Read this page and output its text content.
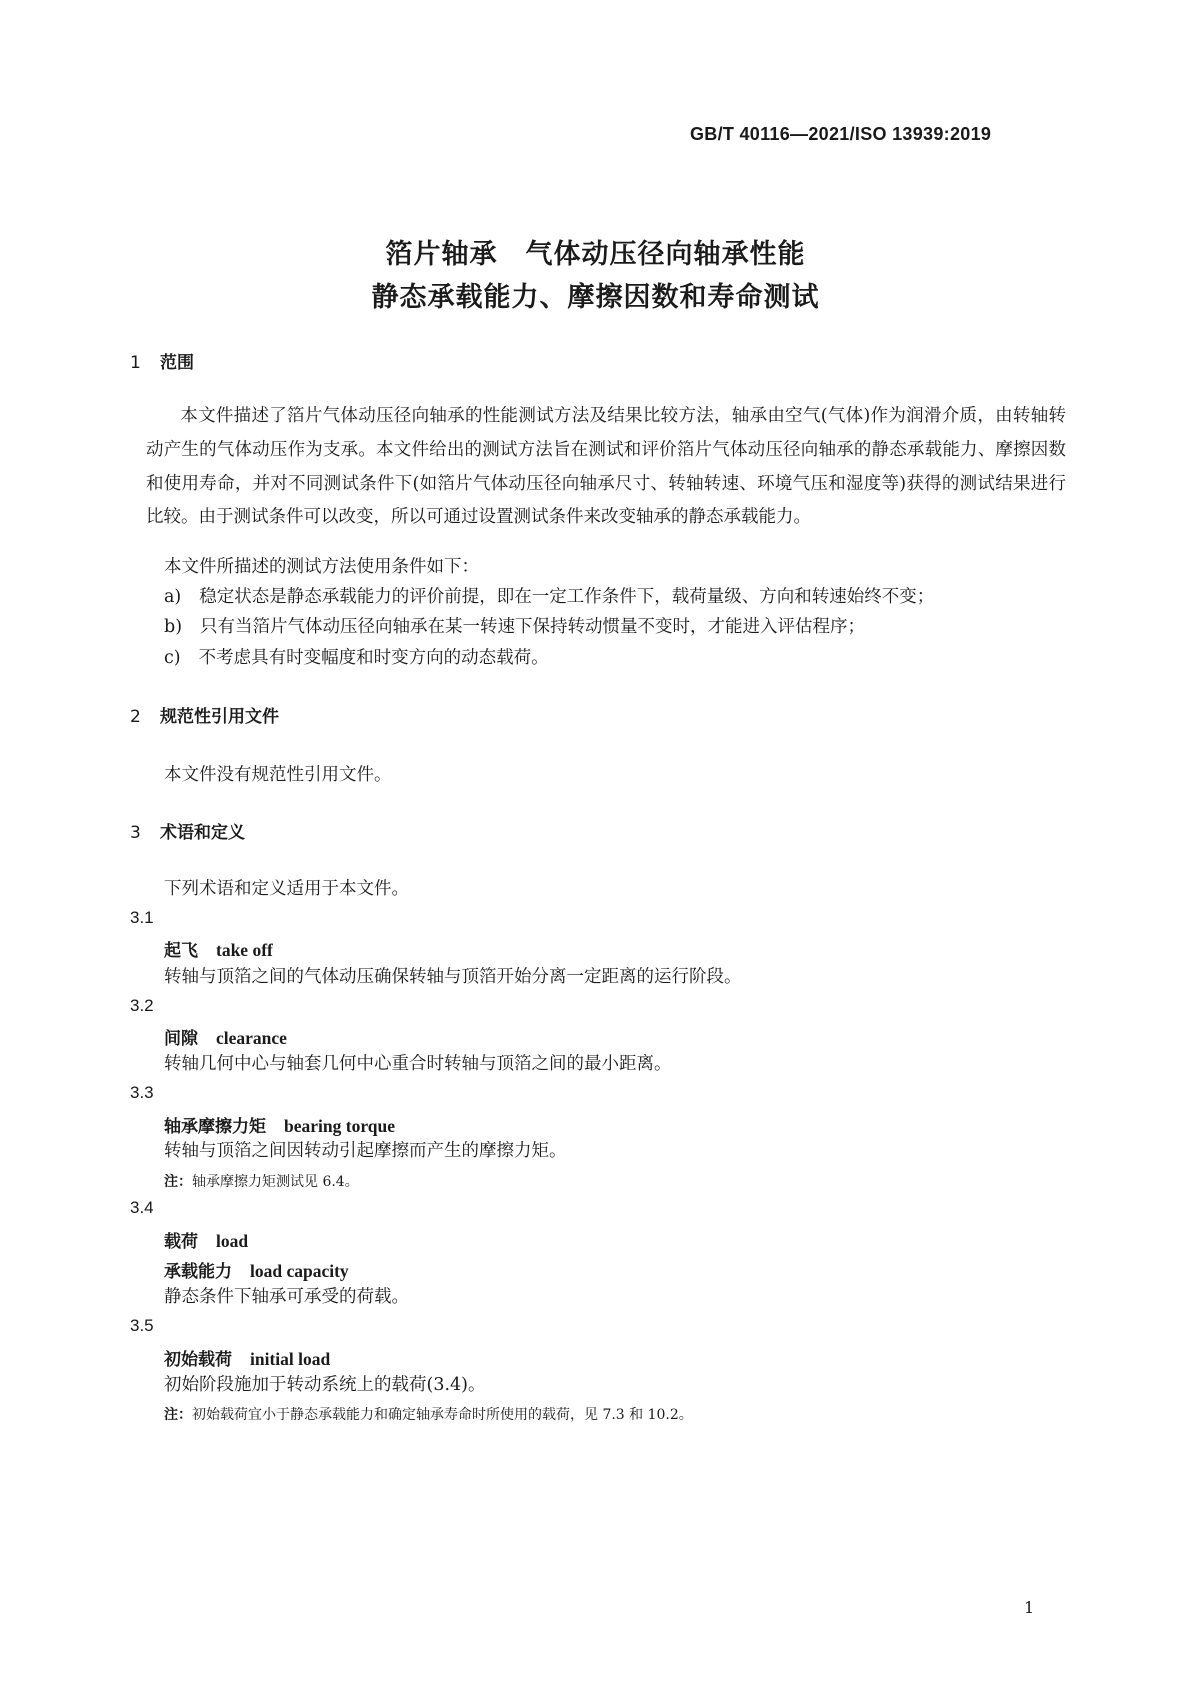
GB/T 40116—2021/ISO 13939:2019
箔片轴承　气体动压径向轴承性能
静态承载能力、摩擦因数和寿命测试
1 范围
本文件描述了箔片气体动压径向轴承的性能测试方法及结果比较方法，轴承由空气(气体)作为润滑介质，由转轴转动产生的气体动压作为支承。本文件给出的测试方法旨在测试和评价箔片气体动压径向轴承的静态承载能力、摩擦因数和使用寿命，并对不同测试条件下(如箔片气体动压径向轴承尺寸、转轴转速、环境气压和湿度等)获得的测试结果进行比较。由于测试条件可以改变，所以可通过设置测试条件来改变轴承的静态承载能力。
本文件所描述的测试方法使用条件如下：
a) 稳定状态是静态承载能力的评价前提，即在一定工作条件下，载荷量级、方向和转速始终不变；
b) 只有当箔片气体动压径向轴承在某一转速下保持转动惯量不变时，才能进入评估程序；
c) 不考虑具有时变幅度和时变方向的动态载荷。
2 规范性引用文件
本文件没有规范性引用文件。
3 术语和定义
下列术语和定义适用于本文件。
3.1
起飞 take off
转轴与顶箔之间的气体动压确保转轴与顶箔开始分离一定距离的运行阶段。
3.2
间隙 clearance
转轴几何中心与轴套几何中心重合时转轴与顶箔之间的最小距离。
3.3
轴承摩擦力矩 bearing torque
转轴与顶箔之间因转动引起摩擦而产生的摩擦力矩。
注：轴承摩擦力矩测试见 6.4。
3.4
载荷 load
承载能力 load capacity
静态条件下轴承可承受的荷载。
3.5
初始载荷 initial load
初始阶段施加于转动系统上的载荷(3.4)。
注：初始载荷宜小于静态承载能力和确定轴承寿命时所使用的载荷，见 7.3 和 10.2。
1
